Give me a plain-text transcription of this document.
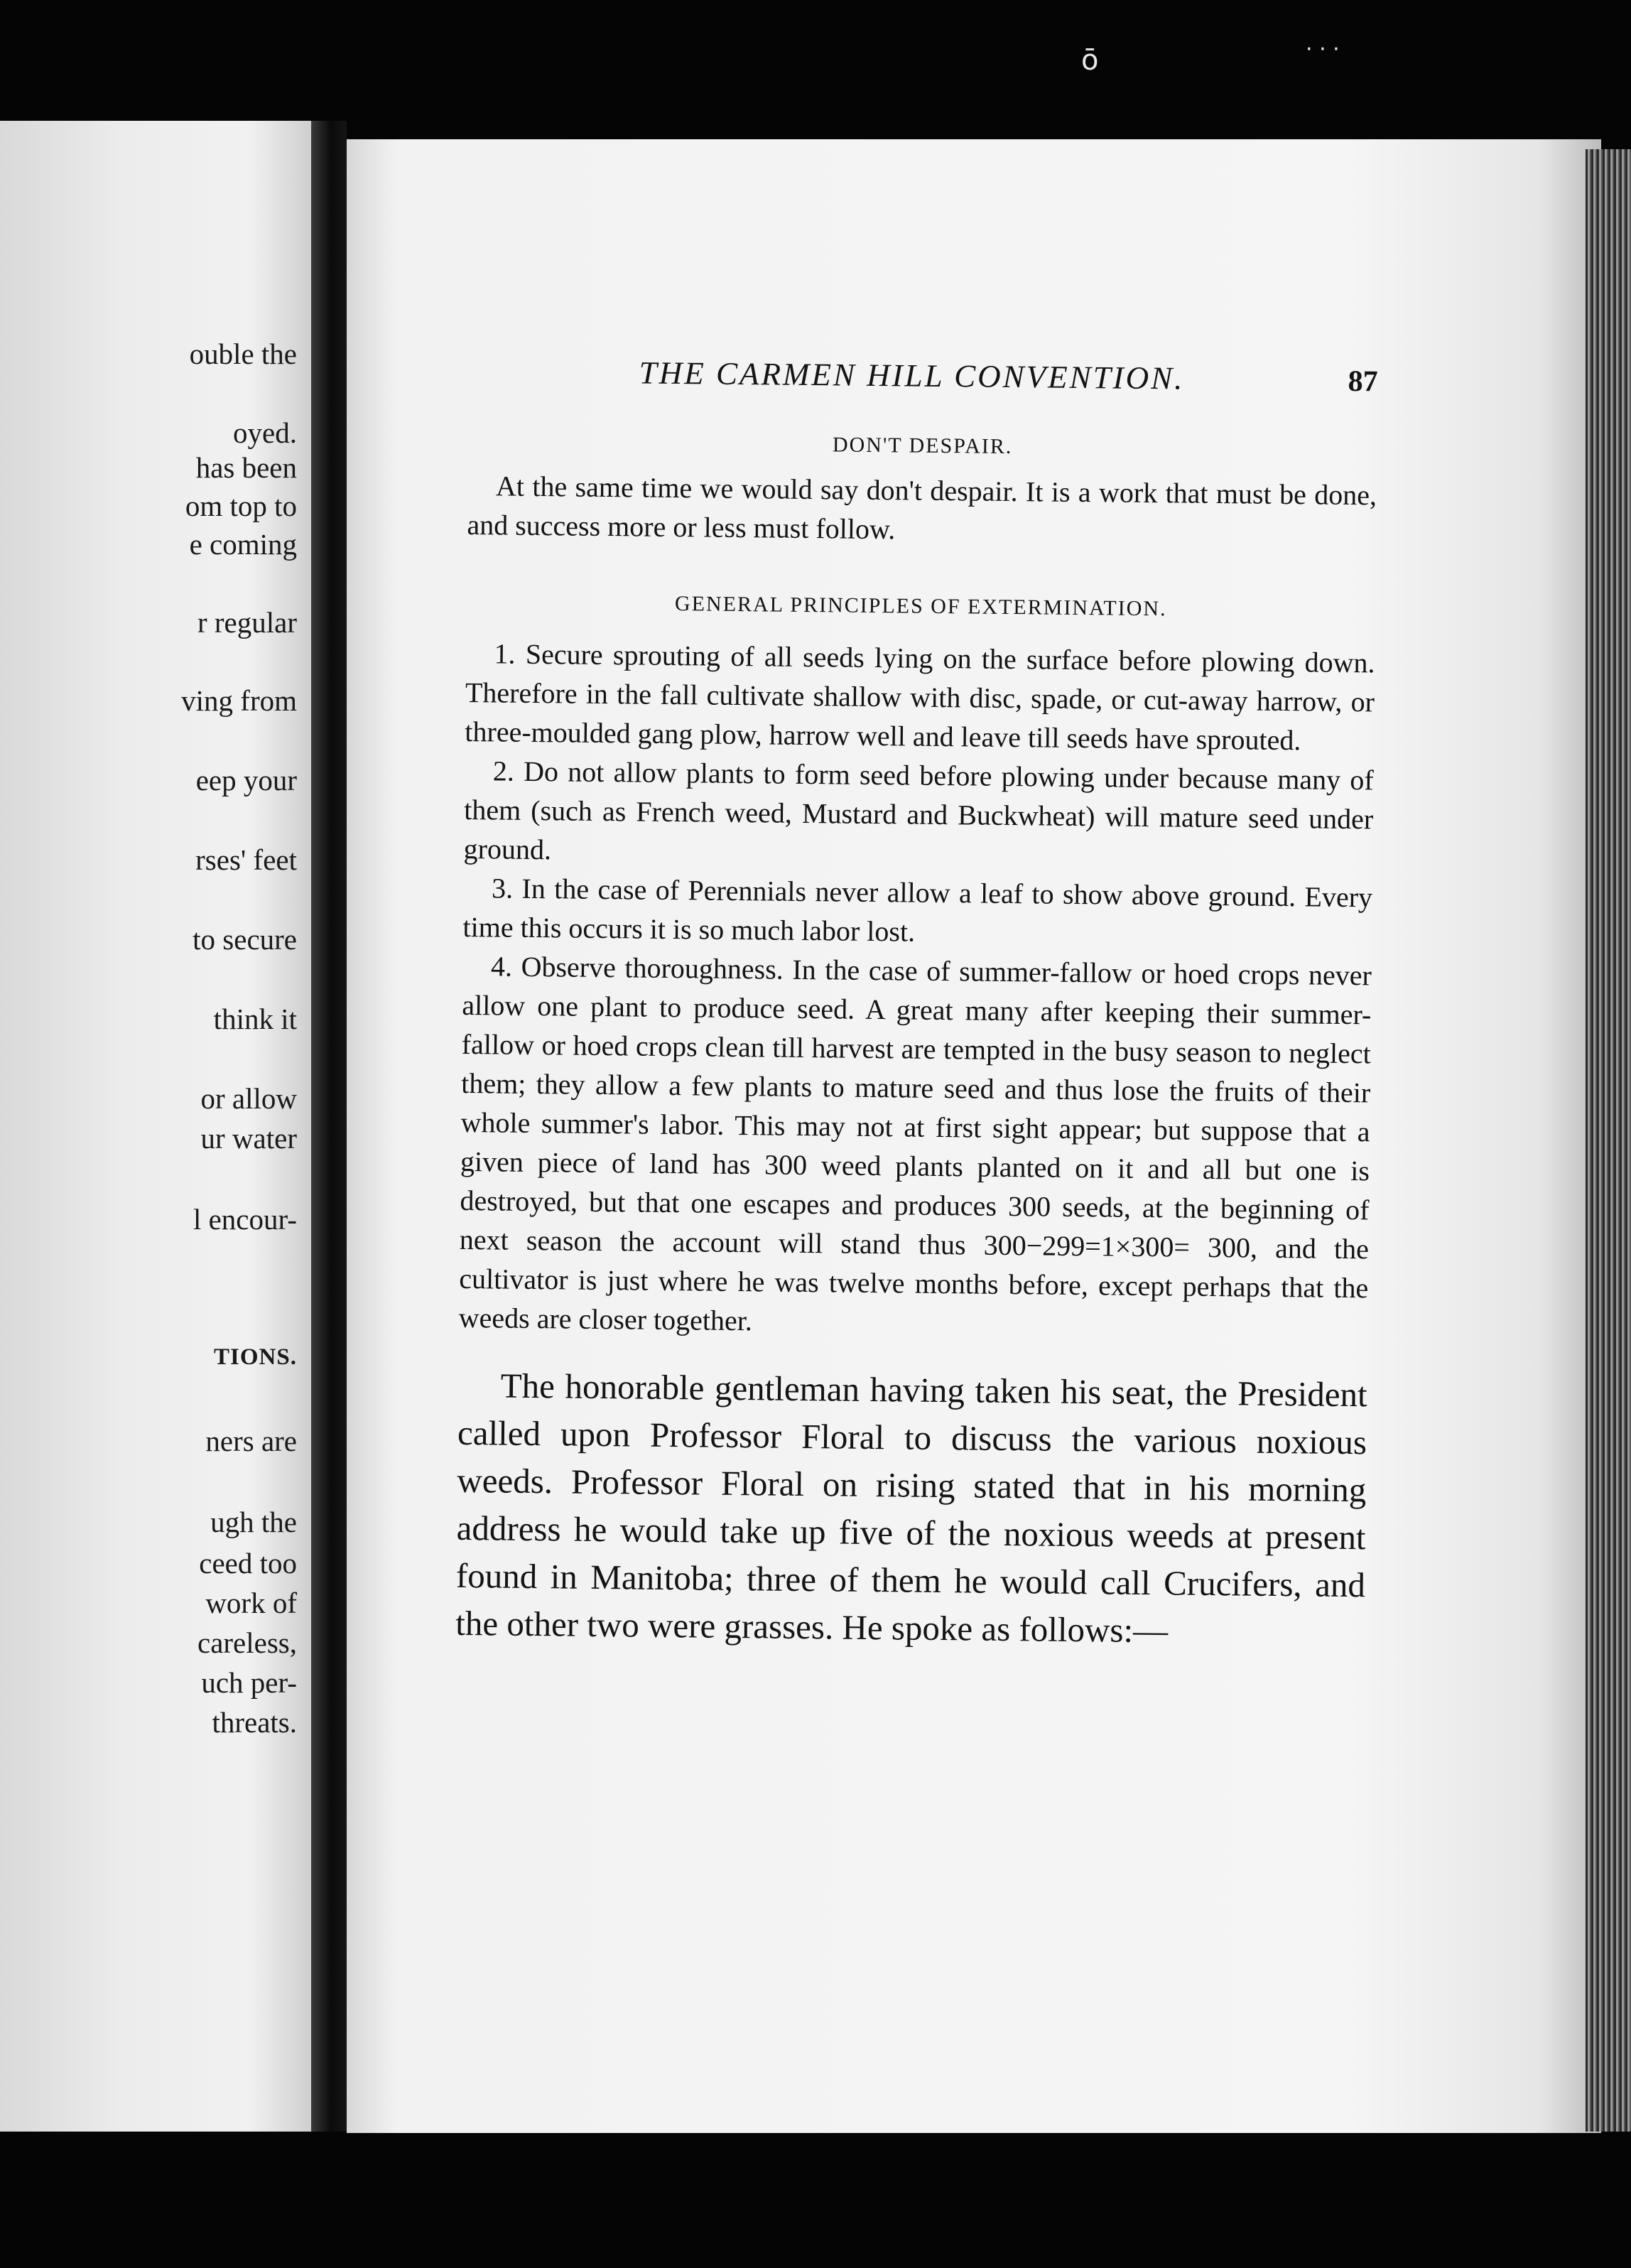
ō	· · ·
ouble the
oyed.
has been
om top to
e coming
r regular
ving from
eep your
rses' feet
to secure
think it
or allow
ur water
l encour-
TIONS.
ners are
ugh the
ceed too
work of
careless,
uch per-
threats.
THE CARMEN HILL CONVENTION.	87
DON'T DESPAIR.

At the same time we would say don't despair. It is a work that must be done, and success more or less must follow.

GENERAL PRINCIPLES OF EXTERMINATION.

1. Secure sprouting of all seeds lying on the surface before plowing down. Therefore in the fall cultivate shallow with disc, spade, or cut-away harrow, or three-moulded gang plow, harrow well and leave till seeds have sprouted.

2. Do not allow plants to form seed before plowing under because many of them (such as French weed, Mustard and Buckwheat) will mature seed under ground.

3. In the case of Perennials never allow a leaf to show above ground. Every time this occurs it is so much labor lost.

4. Observe thoroughness. In the case of summer-fallow or hoed crops never allow one plant to produce seed. A great many after keeping their summer-fallow or hoed crops clean till harvest are tempted in the busy season to neglect them; they allow a few plants to mature seed and thus lose the fruits of their whole summer's labor. This may not at first sight appear; but suppose that a given piece of land has 300 weed plants planted on it and all but one is destroyed, but that one escapes and produces 300 seeds, at the beginning of next season the account will stand thus 300−299=1×300= 300, and the cultivator is just where he was twelve months before, except perhaps that the weeds are closer together.

The honorable gentleman having taken his seat, the President called upon Professor Floral to discuss the various noxious weeds. Professor Floral on rising stated that in his morning address he would take up five of the noxious weeds at present found in Manitoba; three of them he would call Crucifers, and the other two were grasses. He spoke as follows:—
